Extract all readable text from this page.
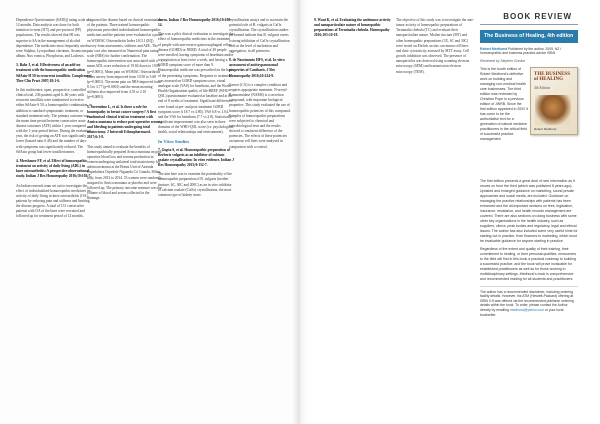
Dependence Questionnaire (SADQ) rating scale at 12 months. Data analysis was done for both intention-to-treat (ITT) and per-protocol (PP) populations. The results showed that HI was superior to SA in the management of alcohol dependence. The medicines most frequently used were Sulphur, Lycopodium clavatum, Arsenicum album, Nux vomica, Phosphorus, and Lachesis.

3. Bahr J, et al. Effectiveness of an add-on treatment with the homoeopathic medication SilAzin-H 50 in recurrent tonsillitis. Complement Ther Clin Pract 2007;18:1-6.

In this multicentre, open, prospective, controlled clinical trial, 236 patients aged 6–60 years with recurrent tonsillitis were randomised to receive either SilAzin-S 50, a homoeopathic combination, in addition to standard symptomatic treatment, or standard treatment only. The primary outcome was the mean time period between consecutive acute disease outcomes (ATE) within 1 year compared with the 1-year period before. During the evaluation year, the risk of getting an ATE was significantly lower (hazard ratio 0.46) and the number of days with symptoms was significantly reduced. The SilAzin group had fewer tonsillectomies.

4. Mersbauer FF, et al. Effect of homoeopathic treatment on activity of daily living (ADL) in knee osteoarthritis: A prospective observational study. Indian J Res Homoeopathy 2016;10:102-7.

An Indian research team set out to investigate the effect of individualised homoeopathic medicines on activity of daily living in knee osteoarthritis (OA) patients by reducing pain and stiffness and limiting the disease progress. A total of 131 consecutive patients with OA of the knee were recruited and followed up for treatment period of 12 months.

diagnosed the disease based on clinical examination of the patients. Three trained homoeopathic physicians prescribed individualised homoeopathic medicines and the patients were evaluated at a point on WOMAC Osteoarthritis Index LK3.1 (EQ) survey from assessments, stiffness and ADL. The pain core also measured on Numerical pain rating scale (NRS) for further confirmation. The homoeopathic intervention was associated with a mean ADL score reduction of 19.84 down to 19.89 (p=0.0001). Mean pain on WOMAC Osteoarthritis Index survey from improved from 10.50 to 5.68 (p=0.0001). The mean pain on NRS improved from 8.3 to 3.77 (p=0.0001) and the mean morning stiffness also improved from 4.55 to 2.10 (p=0.0001).

5. Sorrentino L, et al. Is there a role for homeopathy in breast cancer surgery? A first randomised clinical trial on treatment with Arnica montana to reduce post-operative seroma and bleeding in patients undergoing total mastectomy. J Intercult Ethnopharmacol. 2017;6:1-8.

This study aimed to evaluate the benefits of homoeopathically prepared Arnica montana on post-operative blood loss and seroma production in women undergoing unilateral total mastectomy for adenocarcinoma at the Breast Unit of Azienda Ospedaliera Ospedale Niguarda Ca' Granda, Milan, Italy, from 2013 to 2014. 53 women were randomly assigned to Arnica montana or placebo and were followed up. The primary outcome measure was the volume of blood and serum collected in the drainage.

durus. Indian J Res Homoeopathy 2016;10:108-14.

This was a pilot clinical evaluation to investigate the effect of homoeopathic medicines in the treatment of people with non-erosive gastroesophageal reflux disease (GORD) or NERD. A total of 49 people were enrolled, having symptoms of heartburn and/or regurgitation at least twice a week, and having a GORD symptom score of more than 9. Homoeopathic medicine was prescribed on the basis of the presenting symptoms. Response to treatment was assessed on GORD symptom score, visual analogue scale (VAS) for heartburn, and the World Health Organization quality of life-BREF (WHO-QOL) questionnaire evaluated at baseline and at the end of 8 weeks of treatment. Significant differences were found at pre- and post-treatment GORD symptom score (t 18.7 vs 4.80), VAS 6.8 vs 1.04, and the VAS for heartburn (7.7 vs 2.8). Statistically significant improvement was also seen in three domains of the WHO-QOL score (i.e. psychological, health, social relationships and environment).

In Vitro Studies

7. Gupta S, et al. Homoeopathic preparation of Berberis vulgaris as an inhibitor of calcium oxalate crystallisation: In vitro evidence. Indian J Res Homoeopathy 2015;9:152-7.

The aim here was to examine the potentiality of the homoeopathic preparation of B. vulgaris (mother tincture, 6C, 30C and 200C) as an in vitro inhibitor of calcium oxalate (CaOx) crystallisation, the most common type of kidney stone.

crystallisation assays and to ascertain the potential role of B. vulgaris in CaOx crystallisation. The crystallisation studies performed indicate that B. vulgaris exerts a strong inhibition of CaOx crystallisation both at the level of nucleation and aggregation, in all potencies.

8. de Nascimento HFS, et al. In vitro assessment of antitrypanosomal properties of Cantharis. J Res Homoeopathy 2016;10:124-9.

Cancer (CA) is a complex condition and requires appropriate treatment. N-acetyl-B-muramidase (NAMS) is a secretion compound, with important biological properties. This study evaluated the use of homoeopathic potencies of this compound. Samples of homoeopathic preparations were subjected to chemical and microbiological tests and the results showed a consistent difference of the potencies. The effects of these potencies on tumour cell lines were analysed in comparison with a control.

BOOK REVIEW

9. Wani K, et al. Evaluating the antitumor activity and nanoparticulate nature of homeopathic preparations of Terminalia chebula. Homeopathy 2016;105:10-18.

The objective of this study was to investigate the anti-tumor activity of homeopathic preparations of Terminalia chebula (TC) and evaluate their nanoparticulate nature. Mother tincture (MT) and other homeopathic preparations (3X, 6C and 30C) were tested on Ehrlich ascites carcinoma cell lines and their cytotoxicity assessed by MTT assay. Cell growth inhibition was observed. The presence of nanoparticles was detected using scanning electron microscopy (SEM) and transmission electron microscopy (TEM).

The Business of Healing, 4th edition
Robert Medhurst Published by the author, 2009, NZ / homoeopathic and business-practice-advice ISBN
Reviewed by Stephen Gordon

This is the fourth edition of Robert Medhurst's definitive work on building and managing non-medical health care businesses. The third edition was reviewed by Christian Pope in a previous edition of JWRB. Since the first edition appeared in 2002 it has come to be the authoritative text for a generation of natural medicine practitioners in the critical field of successful practice management.

THE BUSINESS of HEALING
4th Edition
Robert Medhurst

The first edition presents a great deal of new information as it moves on from the third (which was published 8 years ago). Updated and enlarged guidance on marketing, sound private approaches and social media, are included. Guidance on managing the practice relationships with patients has been enhanced and the all-important sections on fees, legislation, insurance, resistance, and health records management are covered. There are also sections on doing business with some other key organisations in the health industry, such as suppliers, clinics, peak bodies and regulatory, legal and ethical issues. The author has also included some very useful hints for starting out in practice, from finances to marketing, which must be invaluable guidance for anyone starting in practice.

Regardless of the extent and quality of their training, their commitment to healing, or their personal qualities, newcomers to the field will find in this book a practical roadmap to building a successful practice, and the book will prove invaluable for established practitioners as well as for those working in multidisciplinary settings. Medhurst's book is comprehensive and recommended reading for all students and practitioners.

The author has a recommended disclaimer, including ordering facility details. However, his ATM (Hewlett-Packard) offering at ISBN 0-9 was offered via the recommended publisher ordering details within the book. To order, please contact the Author directly by emailing medhurst@yahoo.com or your local bookseller.
